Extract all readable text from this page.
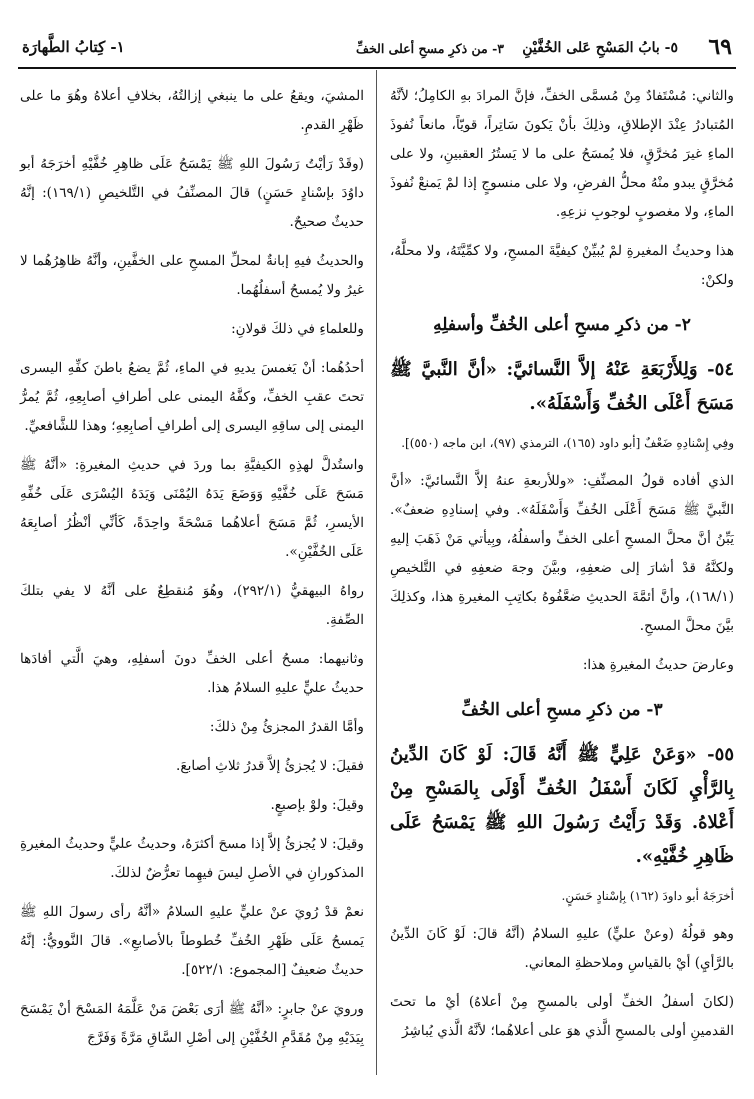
٦٩
٥- بابُ المَسْحِ عَلى الخُفَّيْنِ
٣- من ذكرِ مسحِ أعلى الخفِّ
١- كِتابُ الطَّهارَة
والثاني: مُسْتَفادٌ مِنْ مُسمَّى الخفِّ، فإنَّ المرادَ بهِ الكامِلُ؛ لأنَّهُ المُتبادرُ عِنْدَ الإطلاقِ، وذلِكَ بأنْ يَكونَ سَاتِراً، قويّاً، مانعاً نُفوذَ الماءِ غيرَ مُخرَّقٍ، فلا يُمسَحُ على ما لا يَستُرُ العقبينِ، ولا على مُخرَّقٍ يبدو منْهُ محلُّ الفرضِ، ولا على منسوجٍ إذا لمْ يَمنعْ نُفوذَ الماءِ، ولا مغصوبٍ لوجوبِ نزعِهِ.
هذا وحديثُ المغيرةِ لمْ يُبيِّنْ كيفيَّةَ المسحِ، ولا كمِّيَّتَهُ، ولا محلَّهُ، ولكنْ:
٢- من ذكرِ مسحِ أعلى الخُفِّ وأسفلِهِ
٥٤- وَلِلأَرْبَعَةِ عَنْهُ إلاَّ النَّسائيَّ: «أنَّ النَّبيَّ ﷺ مَسَحَ أَعْلَى الخُفِّ وَأَسْفَلَهُ».
وفِي إِسْنادِهِ ضَعْفٌ [أبو داود (١٦٥)، الترمذي (٩٧)، ابن ماجه (٥٥٠)].
الذي أفاده قولُ المصنِّفِ: «وللأربعةِ عنهُ إلاَّ النَّسائيَّ: «أنَّ النَّبيَّ ﷺ مَسَحَ أَعْلَى الخُفِّ وَأَسْفَلَهُ». وفي إسنادِهِ ضعفٌ». يَبِّنُ أنَّ محلَّ المسحِ أعلى الخفِّ وأسفلُهُ، وبِيأتي مَنْ ذَهَبَ إليهِ ولكنَّهُ قدْ أشارَ إلى ضعفِهِ، وبيَّنَ وجهَ ضعفِهِ في التَّلخيصِ (١٦٨/١)، وأنَّ أئمَّةَ الحديثِ ضعَّفُوهُ بكاتِبِ المغيرةِ هذا، وكذلِكَ بيَّنَ محلَّ المسحِ.
وعارضَ حديثُ المغيرةِ هذا:
٣- من ذكرِ مسحِ أعلى الخُفِّ
٥٥- «وَعَنْ عَلِيٍّ ﷺ أَنَّهُ قَالَ: لَوْ كَانَ الدِّينُ بِالرَّأْيِ لَكَانَ أَسْفَلُ الخُفِّ أَوْلَى بِالمَسْحِ مِنْ أَعْلاهُ. وَقَدْ رَأَيْتُ رَسُولَ اللهِ ﷺ يَمْسَحُ عَلَى ظَاهِرِ خُفَّيْهِ».
أخرَجَهُ أبو داودَ (١٦٢) بِإسْنادٍ حَسَنٍ.
وهو قولُهُ (وعنْ عليٍّ) عليهِ السلامُ (أنَّهُ قالَ: لَوْ كَانَ الدِّينُ بالرَّأيِ) أيْ بالقياسِ وملاحظةِ المعاني.
(لكانَ أسفلُ الخفِّ أولى بالمسحِ مِنْ أعلاهُ) أيْ ما تحتَ القدمينِ أولى بالمسحِ الَّذي هوَ على أعلاهُما؛ لأنَّهُ الَّذي يُباشِرُ
المشيَ، ويقعُ على ما ينبغي إزالتُهُ، بخلافِ أعلاهُ وهُوَ ما على ظَهْرِ القدمِ.
(وقَدْ رَأيْتُ رَسُولَ اللهِ ﷺ يَمْسَحُ عَلَى ظاهِرِ خُفَّيْهِ أخرَجَهُ أبو داوُدَ بإسْنادٍ حَسَنٍ) قالَ المصنِّفُ في التَّلخيصِ (١٦٩/١): إنَّهُ حديثٌ صحيحٌ.
والحديثُ فيهِ إبانةٌ لمحلِّ المسحِ على الخفَّينِ، وأنَّهُ ظاهِرُهُما لا غيرُ ولا يُمسحُ أسفلُهُما.
وللعلماءِ في ذلكَ قولانِ:
أحدُهُما: أنْ يَغمسَ يديهِ في الماءِ، ثُمَّ يضعُ باطنَ كفِّهِ اليسرى تحتَ عقبِ الخفِّ، وكفَّهُ اليمنى على أطرافِ أصابِعِهِ، ثُمَّ يُمرُّ اليمنى إلى ساقِهِ اليسرى إلى أطرافِ أصابِعِهِ؛ وهذا للشَّافعيِّ.
واستُدلَّ لهذِهِ الكيفيَّةِ بما وردَ في حديثِ المغيرةِ: «أنَّهُ ﷺ مَسَحَ عَلَى خُفَّيْهِ وَوَضَعَ يَدَهُ اليُمْنَى وَيَدَهُ اليُسْرَى عَلَى خُفِّهِ الأيسرِ، ثُمَّ مَسَحَ أعلاهُما مَسْحَةً واحِدَةً، كَأنِّي أنْظُرُ أصابِعَهُ عَلَى الخُفَّيْنِ».
رواهُ البيهقيُّ (٢٩٢/١)، وهُوَ مُنقطِعٌ على أنَّهُ لا يفي بتلكَ الصِّفةِ.
وثانيهما: مسحُ أعلى الخفِّ دونَ أسفلِهِ، وهيَ الَّتي أفادَها حديثُ عليٍّ عليهِ السلامُ هذا.
وأمَّا القدرُ المجزئُ مِنْ ذلكَ:
فقيلَ: لا يُجزئُ إلاَّ قدرُ ثلاثِ أصابعَ.
وقيلَ: ولوْ بإصبعٍ.
وقيلَ: لا يُجزئُ إلاَّ إذا مسحَ أكثرَهُ، وحديثُ عليٍّ وحديثُ المغيرةِ المذكورانِ في الأصلِ ليسَ فيهِما تعرُّضٌ لذلكَ.
نعمْ قدْ رُويَ عنْ عليٍّ عليهِ السلامُ «أنَّهُ رأى رسولَ اللهِ ﷺ يَمسحُ عَلَى ظَهْرِ الخُفِّ خُطوطاً بالأصابعِ». قالَ النَّوويُّ: إنَّهُ حديثٌ ضعيفٌ [المجموع: ٥٢٢/١].
ورويَ عنْ جابرٍ: «أنَّهُ ﷺ أرَى بَعْضَ مَنْ عَلَّمَهُ المَسْحَ أنْ يَمْسَحَ بِيَدَيْهِ مِنْ مُقَدَّمِ الخُفَّيْنِ إلى أصْلِ السَّاقِ مَرَّةً وَفَرَّجَ
